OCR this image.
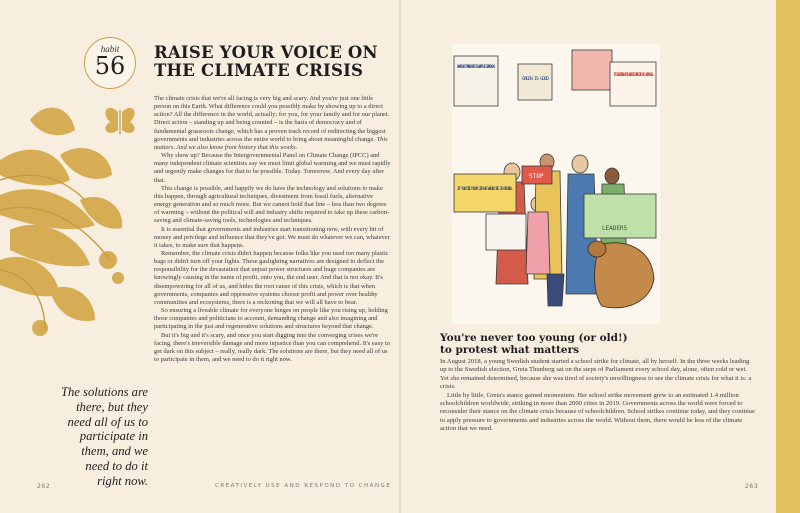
habit
56	RAISE YOUR VOICE ON
THE CLIMATE CRISIS

The climate crisis that we're all facing is very big and scary. And you're just one little person on this Earth. What difference could you possibly make by showing up to a direct action? All the difference in the world, actually; for you, for your family and for our planet. Direct action – standing up and being counted – is the basis of democracy and of fundamental grassroots change, which has a proven track record of redirecting the biggest governments and industries across the entire world to bring about meaningful change. This matters. And we also know from history that this works.

Why show up? Because the Intergovernmental Panel on Climate Change (IPCC) and many independent climate scientists say we must limit global warming and we must rapidly and urgently make changes for that to be possible. Today. Tomorrow. And every day after that.

This change is possible, and happily we do have the technology and solutions to make this happen, through agricultural techniques, divestment from fossil fuels, alternative energy generation and so much more. But we cannot hold that line – less than two degrees of warming – without the political will and industry shifts required to take up these carbon-saving and climate-saving tools, technologies and techniques.

It is essential that governments and industries start transitioning now, with every bit of money and privilege and influence that they've got. We must do whatever we can, whatever it takes, to make sure that happens.

Remember, the climate crisis didn't happen because folks like you used too many plastic bags or didn't turn off your lights. These gaslighting narratives are designed to deflect the responsibility for the devastation that unjust power structures and huge companies are knowingly causing in the name of profit, onto you, the end user. And that is not okay. It's disempowering for all of us, and hides the root cause of this crisis, which is that when governments, companies and oppressive systems choose profit and power over healthy communities and ecosystems, there is a reckoning that we will all have to bear.

So ensuring a liveable climate for everyone hinges on people like you rising up, holding those companies and politicians to account, demanding change and also imagining and participating in the just and regenerative solutions and structures beyond that change.

But it's big and it's scary, and once you start digging into the converging crises we're facing, there's irreversible damage and more injustice than you can comprehend. It's easy to get dark on this subject – really, really dark. The solutions are there, but they need all of us to participate in them, and we need to do it right now.

The solutions are there, but they need all of us to participate in them, and we need to do it right now.
262	CREATIVELY USE AND RESPOND TO CHANGE
WHAT WE STAND FOR IS WHAT WE STAND ON
GREEN IS GOOD
IT'S GETTING HOT IN HERE SO TAKE OFF ALL YOUR COAL
IF YOU DID YOUR JOB WE WOULD BE IN SCHOOL
STOP
LEADERS
You're never too young (or old!)
to protest what matters

In August 2018, a young Swedish student started a school strike for climate, all by herself. In the three weeks leading up to the Swedish election, Greta Thunberg sat on the steps of Parliament every school day, alone, often cold or wet. Yet she remained determined, because she was tired of society's unwillingness to see the climate crisis for what it is: a crisis.

Little by little, Greta's stance gained momentum. Her school strike movement grew to an estimated 1.4 million schoolchildren worldwide, striking in more than 2000 cities in 2019. Governments across the world were forced to reconsider their stance on the climate crisis because of schoolchildren. School strikes continue today, and they continue to apply pressure to governments and industries across the world. Without them, there would be less of the climate action that we need.

263
